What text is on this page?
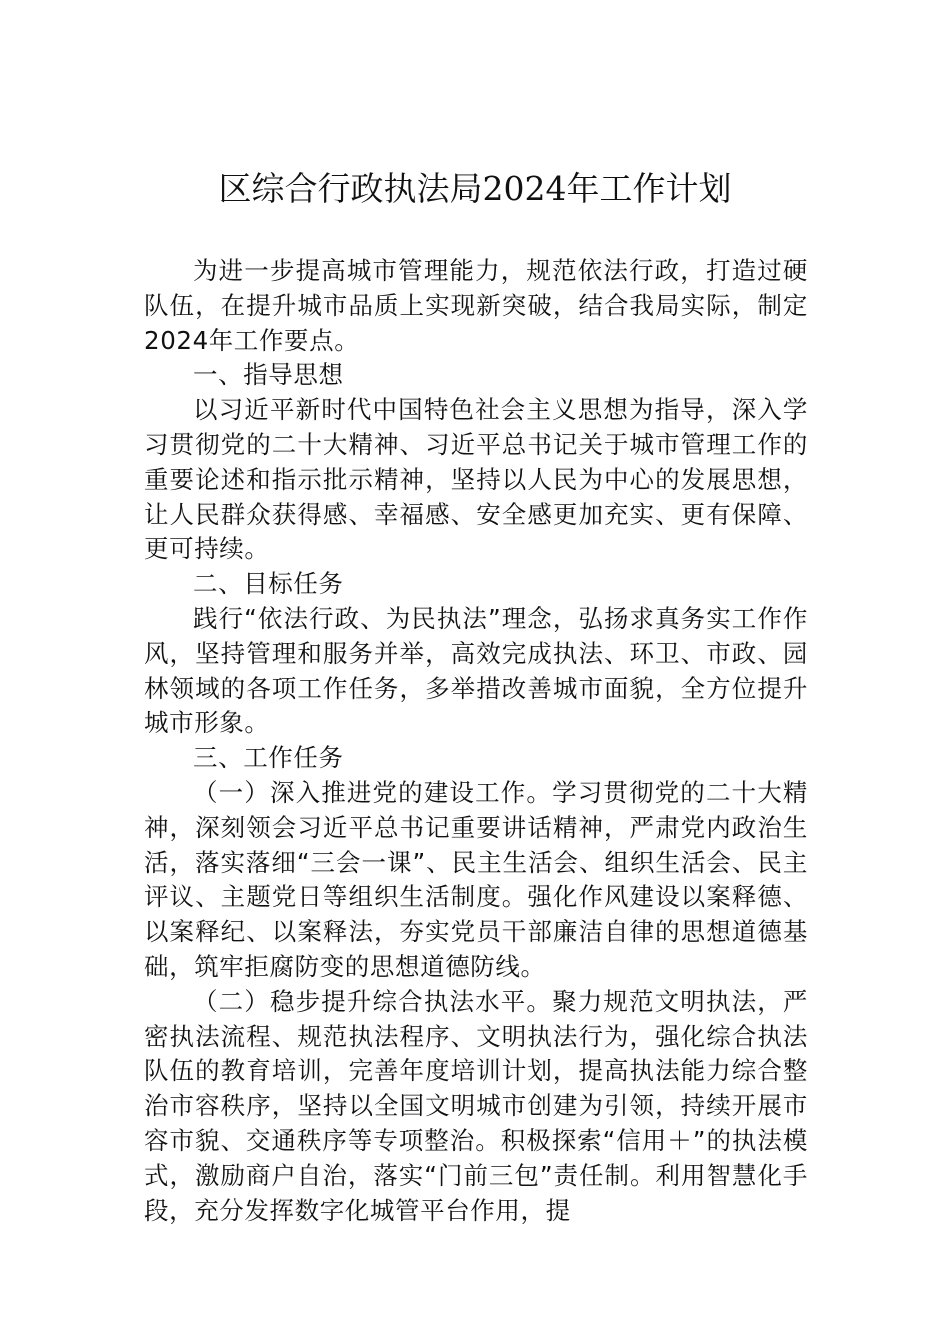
区综合行政执法局2024年工作计划

为进一步提高城市管理能力，规范依法行政，打造过硬队伍，在提升城市品质上实现新突破，结合我局实际，制定2024年工作要点。

一、指导思想

以习近平新时代中国特色社会主义思想为指导，深入学习贯彻党的二十大精神、习近平总书记关于城市管理工作的重要论述和指示批示精神，坚持以人民为中心的发展思想，让人民群众获得感、幸福感、安全感更加充实、更有保障、更可持续。

二、目标任务

践行“依法行政、为民执法”理念，弘扬求真务实工作作风，坚持管理和服务并举，高效完成执法、环卫、市政、园林领域的各项工作任务，多举措改善城市面貌，全方位提升城市形象。

三、工作任务

（一）深入推进党的建设工作。学习贯彻党的二十大精神，深刻领会习近平总书记重要讲话精神，严肃党内政治生活，落实落细“三会一课”、民主生活会、组织生活会、民主评议、主题党日等组织生活制度。强化作风建设以案释德、以案释纪、以案释法，夯实党员干部廉洁自律的思想道德基础，筑牢拒腐防变的思想道德防线。

（二）稳步提升综合执法水平。聚力规范文明执法，严密执法流程、规范执法程序、文明执法行为，强化综合执法队伍的教育培训，完善年度培训计划，提高执法能力综合整治市容秩序，坚持以全国文明城市创建为引领，持续开展市容市貌、交通秩序等专项整治。积极探索“信用＋”的执法模式，激励商户自治，落实“门前三包”责任制。利用智慧化手段，充分发挥数字化城管平台作用，提
